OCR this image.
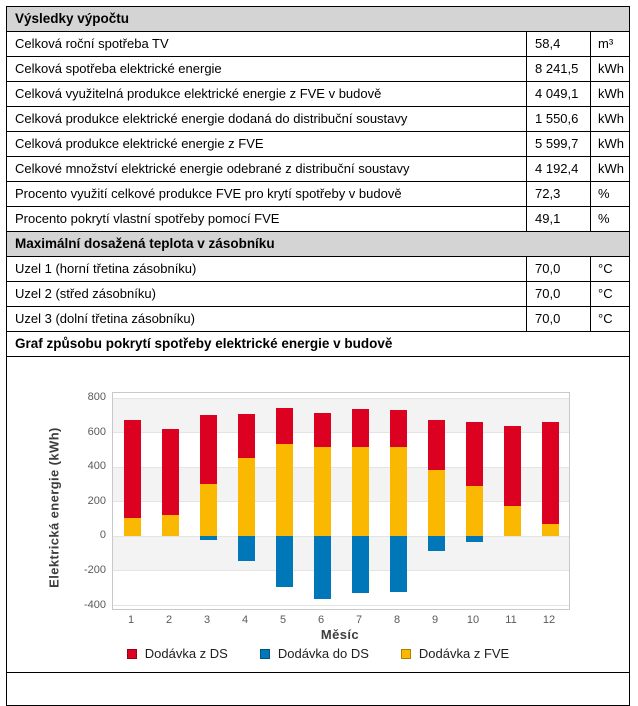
Výsledky výpočtu
Celková roční spotřeba TV	58,4	m³
Celková spotřeba elektrické energie	8 241,5	kWh
Celková využitelná produkce elektrické energie z FVE v budově	4 049,1	kWh
Celková produkce elektrické energie dodaná do distribuční soustavy	1 550,6	kWh
Celková produkce elektrické energie z FVE	5 599,7	kWh
Celkové množství elektrické energie odebrané z distribuční soustavy	4 192,4	kWh
Procento využití celkové produkce FVE pro krytí spotřeby v budově	72,3	%
Procento pokrytí vlastní spotřeby pomocí FVE	49,1	%
Maximální dosažená teplota v zásobníku
Uzel 1 (horní třetina zásobníku)	70,0	°C
Uzel 2 (střed zásobníku)	70,0	°C
Uzel 3 (dolní třetina zásobníku)	70,0	°C
Graf způsobu pokrytí spotřeby elektrické energie v budově
Elektrická energie (kWh)
800
600
400
200
0
-200
-400
1	2	3	4	5	6	7	8	9	10	11	12
Měsíc
Dodávka z DS	Dodávka do DS	Dodávka z FVE
